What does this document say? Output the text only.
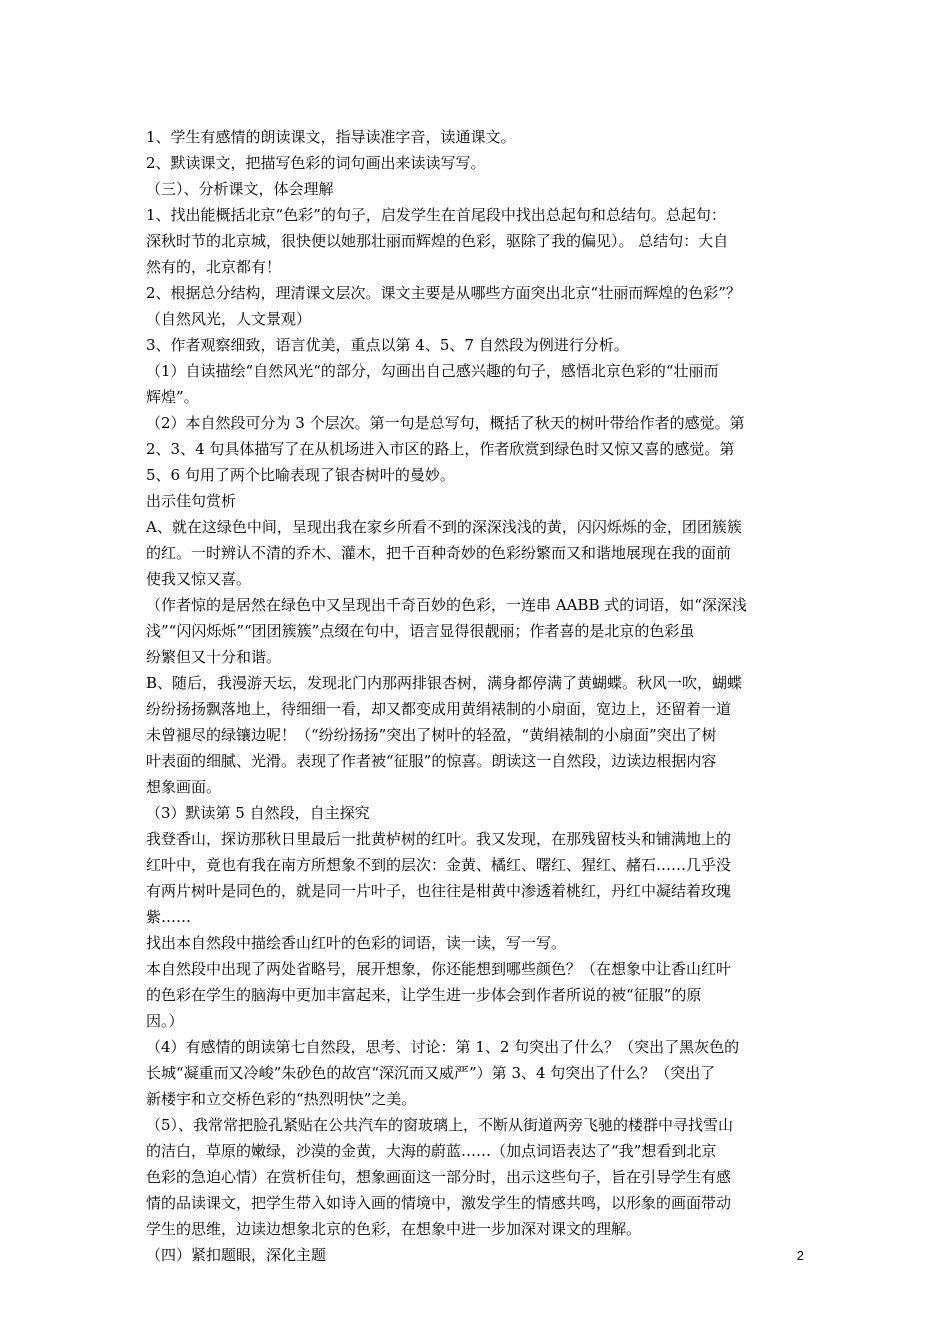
1、学生有感情的朗读课文，指导读准字音，读通课文。
2、默读课文，把描写色彩的词句画出来读读写写。
（三）、分析课文，体会理解
1、找出能概括北京“色彩”的句子，启发学生在首尾段中找出总起句和总结句。总起句：
深秋时节的北京城，很快便以她那壮丽而辉煌的色彩，驱除了我的偏见）。 总结句：大自
然有的，北京都有！
2、根据总分结构，理清课文层次。课文主要是从哪些方面突出北京“壮丽而辉煌的色彩”？
（自然风光，人文景观）
3、作者观察细致，语言优美，重点以第 4、5、7 自然段为例进行分析。
（1）自读描绘“自然风光“的部分，勾画出自己感兴趣的句子，感悟北京色彩的“壮丽而
辉煌”。
（2）本自然段可分为 3 个层次。第一句是总写句，概括了秋天的树叶带给作者的感觉。第
2、3、4 句具体描写了在从机场进入市区的路上，作者欣赏到绿色时又惊又喜的感觉。第
5、6 句用了两个比喻表现了银杏树叶的曼妙。
出示佳句赏析
A、就在这绿色中间，呈现出我在家乡所看不到的深深浅浅的黄，闪闪烁烁的金，团团簇簇
的红。一时辨认不清的乔木、灌木，把千百种奇妙的色彩纷繁而又和谐地展现在我的面前
使我又惊又喜。
（作者惊的是居然在绿色中又呈现出千奇百妙的色彩，一连串 AABB 式的词语，如“深深浅
浅”“闪闪烁烁”“团团簇簇”点缀在句中，语言显得很靓丽；作者喜的是北京的色彩虽
纷繁但又十分和谐。
B、随后，我漫游天坛，发现北门内那两排银杏树，满身都停满了黄蝴蝶。秋风一吹，蝴蝶
纷纷扬扬飘落地上，待细细一看，却又都变成用黄绢裱制的小扇面，宽边上，还留着一道
未曾褪尽的绿镶边呢！（“纷纷扬扬”突出了树叶的轻盈，“黄绢裱制的小扇面”突出了树
叶表面的细腻、光滑。表现了作者被“征服”的惊喜。朗读这一自然段，边读边根据内容
想象画面。
（3）默读第 5 自然段，自主探究
我登香山，探访那秋日里最后一批黄栌树的红叶。我又发现，在那残留枝头和铺满地上的
红叶中，竟也有我在南方所想象不到的层次：金黄、橘红、曙红、猩红、赭石……几乎没
有两片树叶是同色的，就是同一片叶子，也往往是柑黄中渗透着桃红，丹红中凝结着玫瑰
紫……
找出本自然段中描绘香山红叶的色彩的词语，读一读，写一写。
本自然段中出现了两处省略号，展开想象，你还能想到哪些颜色？（在想象中让香山红叶
的色彩在学生的脑海中更加丰富起来，让学生进一步体会到作者所说的被“征服”的原
因。）
（4）有感情的朗读第七自然段，思考、讨论：第 1、2 句突出了什么？（突出了黑灰色的
长城“凝重而又冷峻”朱砂色的故宫“深沉而又威严”）第 3、4 句突出了什么？（突出了
新楼宇和立交桥色彩的“热烈明快”之美。
（5）、我常常把脸孔紧贴在公共汽车的窗玻璃上，不断从街道两旁飞驰的楼群中寻找雪山
的洁白，草原的嫩绿，沙漠的金黄，大海的蔚蓝……（加点词语表达了“我”想看到北京
色彩的急迫心情）在赏析佳句，想象画面这一部分时，出示这些句子，旨在引导学生有感
情的品读课文，把学生带入如诗入画的情境中，激发学生的情感共鸣，以形象的画面带动
学生的思维，边读边想象北京的色彩，在想象中进一步加深对课文的理解。
（四）紧扣题眼，深化主题	2
